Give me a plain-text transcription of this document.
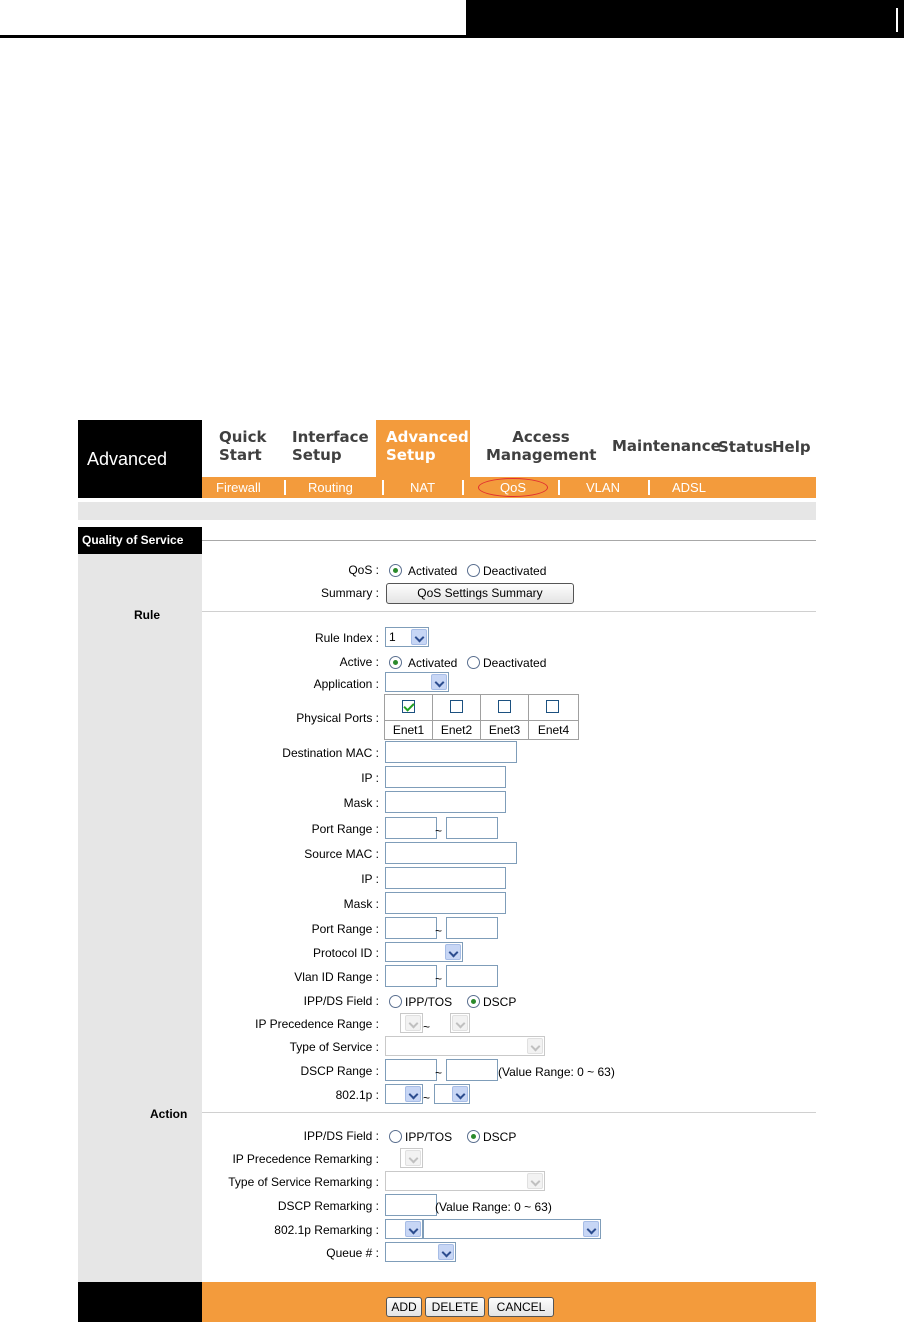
Advanced
Quick
Start
Interface
Setup
Advanced
Setup
Access
Management Maintenance
Status Help
Firewall	Routing	NAT	QoS	VLAN	ADSL
Quality of Service
Rule
Action
QoS : Activated Deactivated
Summary :	QoS Settings Summary
Rule Index : 1
Active : Activated Deactivated
Application :
Physical Ports :
Enet1	Enet2	Enet3	Enet4
Destination MAC :
IP :
Mask :
Port Range :	~
Source MAC :
IP :
Mask :
Port Range :	~
Protocol ID :
Vlan ID Range :	~
IPP/DS Field : IPP/TOS	DSCP
IP Precedence Range :	~
Type of Service :
DSCP Range :	~	(Value Range: 0 ~ 63)
802.1p :	~
IPP/DS Field : IPP/TOS	DSCP
IP Precedence Remarking :
Type of Service Remarking :
DSCP Remarking :	(Value Range: 0 ~ 63)
802.1p Remarking :
Queue # :
ADD	DELETE	CANCEL
